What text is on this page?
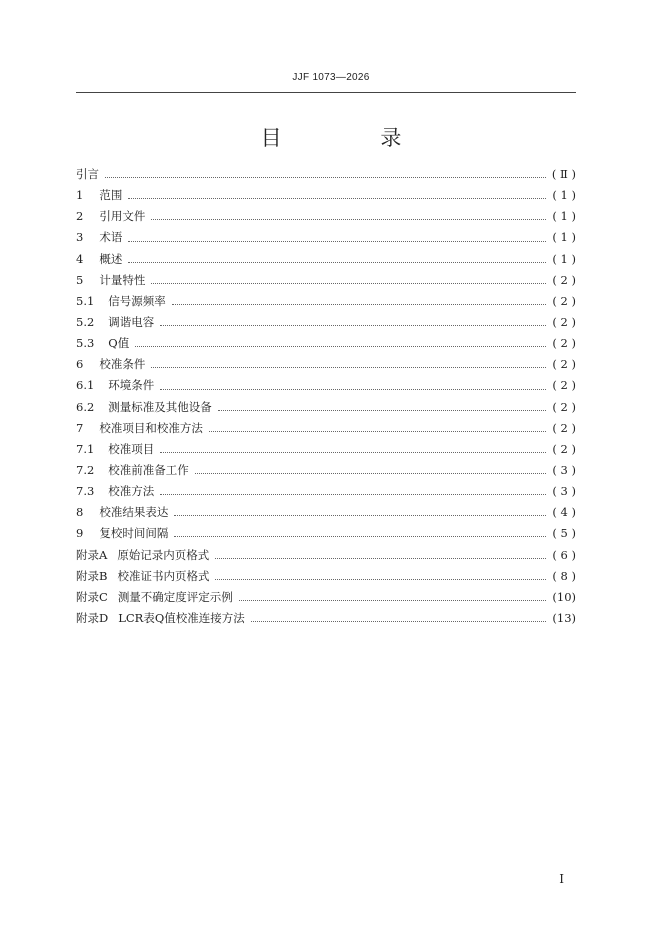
JJF 1073—2026
目 录
引言	( Ⅱ )
1 范围	( 1 )
2 引用文件	( 1 )
3 术语	( 1 )
4 概述	( 1 )
5 计量特性	( 2 )
5.1 信号源频率	( 2 )
5.2 调谐电容	( 2 )
5.3 Q值	( 2 )
6 校准条件	( 2 )
6.1 环境条件	( 2 )
6.2 测量标准及其他设备	( 2 )
7 校准项目和校准方法	( 2 )
7.1 校准项目	( 2 )
7.2 校准前准备工作	( 3 )
7.3 校准方法	( 3 )
8 校准结果表达	( 4 )
9 复校时间间隔	( 5 )
附录A 原始记录内页格式	( 6 )
附录B 校准证书内页格式	( 8 )
附录C 测量不确定度评定示例	(10)
附录D LCR表Q值校准连接方法	(13)
I
